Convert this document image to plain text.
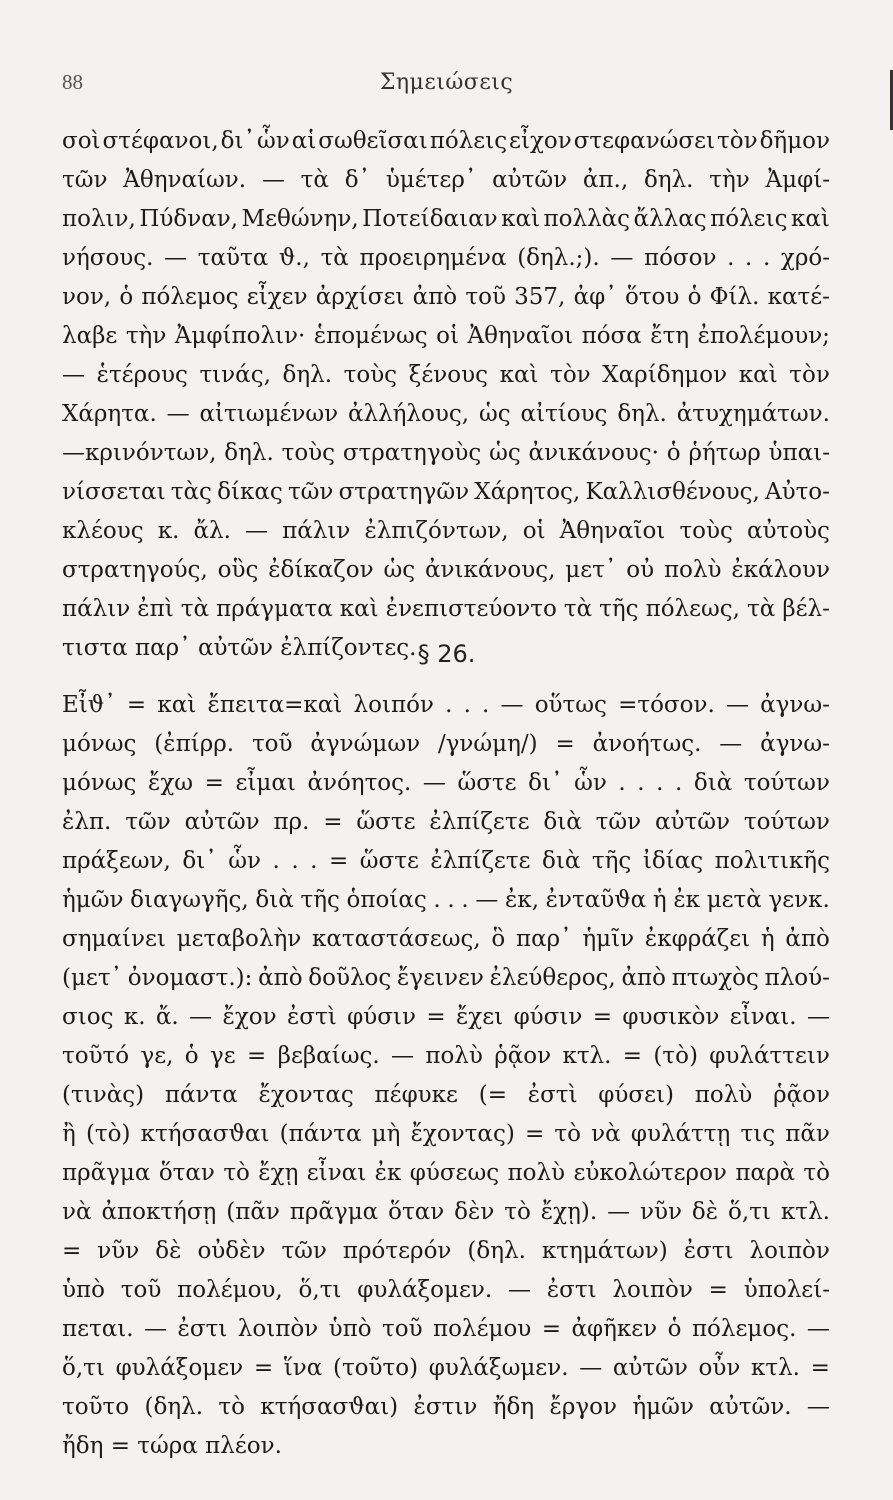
88	Σημειώσεις
σοὶ στέφανοι, δι᾽ ὧν αἱ σωθεῖσαι πόλεις εἶχον στεφανώσει τὸν δῆμον
τῶν Ἀθηναίων. — τὰ δ᾽ ὑμέτερ᾽ αὐτῶν ἀπ., δηλ. τὴν Ἀμφί-
πολιν, Πύδναν, Μεθώνην, Ποτείδαιαν καὶ πολλὰς ἄλλας πόλεις καὶ
νήσους. — ταῦτα ϑ., τὰ προειρημένα (δηλ.;). — πόσον . . . χρό-
νον, ὁ πόλεμος εἶχεν ἀρχίσει ἀπὸ τοῦ 357, ἀφ᾽ ὅτου ὁ Φίλ. κατέ-
λαβε τὴν Ἀμφίπολιν· ἑπομένως οἱ Ἀθηναῖοι πόσα ἔτη ἐπολέμουν;
— ἑτέρους τινάς, δηλ. τοὺς ξένους καὶ τὸν Χαρίδημον καὶ τὸν
Χάρητα. — αἰτιωμένων ἀλλήλους, ὡς αἰτίους δηλ. ἀτυχημάτων.
—κρινόντων, δηλ. τοὺς στρατηγοὺς ὡς ἀνικάνους· ὁ ῥήτωρ ὑπαι-
νίσσεται τὰς δίκας τῶν στρατηγῶν Χάρητος, Καλλισθένους, Αὐτο-
κλέους κ. ἄλ. — πάλιν ἐλπιζόντων, οἱ Ἀθηναῖοι τοὺς αὐτοὺς
στρατηγούς, οὓς ἐδίκαζον ὡς ἀνικάνους, μετ᾽ οὐ πολὺ ἐκάλουν
πάλιν ἐπὶ τὰ πράγματα καὶ ἐνεπιστεύοντο τὰ τῆς πόλεως, τὰ βέλ-
τιστα παρ᾽ αὐτῶν ἐλπίζοντες. § 26.
Εἶϑ᾽ = καὶ ἔπειτα=καὶ λοιπόν . . . — οὕτως =τόσον. — ἀγνω-
μόνως (ἐπίρρ. τοῦ ἀγνώμων /γνώμη/) = ἀνοήτως. — ἀγνω-
μόνως ἔχω = εἶμαι ἀνόητος. — ὥστε δι᾽ ὧν . . . . διὰ τούτων
ἐλπ. τῶν αὐτῶν πρ. = ὥστε ἐλπίζετε διὰ τῶν αὐτῶν τούτων
πράξεων, δι᾽ ὧν . . . = ὥστε ἐλπίζετε διὰ τῆς ἰδίας πολιτικῆς
ἡμῶν διαγωγῆς, διὰ τῆς ὁποίας . . . — ἐκ, ἐνταῦϑα ἡ ἐκ μετὰ γενκ.
σημαίνει μεταβολὴν καταστάσεως, ὃ παρ᾽ ἡμῖν ἐκφράζει ἡ ἀπὸ
(μετ᾽ ὀνομαστ.): ἀπὸ δοῦλος ἔγεινεν ἐλεύθερος, ἀπὸ πτωχὸς πλού-
σιος κ. ἄ. — ἔχον ἐστὶ φύσιν = ἔχει φύσιν = φυσικὸν εἶναι. —
τοῦτό γε, ὁ γε = βεβαίως. — πολὺ ῥᾷον κτλ. = (τὸ) φυλάττειν
(τινὰς) πάντα ἔχοντας πέφυκε (= ἐστὶ φύσει) πολὺ ῥᾷον
ἢ (τὸ) κτήσασϑαι (πάντα μὴ ἔχοντας) = τὸ νὰ φυλάττῃ τις πᾶν
πρᾶγμα ὅταν τὸ ἔχῃ εἶναι ἐκ φύσεως πολὺ εὐκολώτερον παρὰ τὸ
νὰ ἀποκτήσῃ (πᾶν πρᾶγμα ὅταν δὲν τὸ ἔχῃ). — νῦν δὲ ὅ,τι κτλ.
= νῦν δὲ οὐδὲν τῶν πρότερόν (δηλ. κτημάτων) ἐστι λοιπὸν
ὑπὸ τοῦ πολέμου, ὅ,τι φυλάξομεν. — ἐστι λοιπὸν = ὑπολεί-
πεται. — ἐστι λοιπὸν ὑπὸ τοῦ πολέμου = ἀφῆκεν ὁ πόλεμος. —
ὅ,τι φυλάξομεν = ἵνα (τοῦτο) φυλάξωμεν. — αὐτῶν οὖν κτλ. =
τοῦτο (δηλ. τὸ κτήσασϑαι) ἐστιν ἤδη ἔργον ἡμῶν αὐτῶν. —
ἤδη = τώρα πλέον.
